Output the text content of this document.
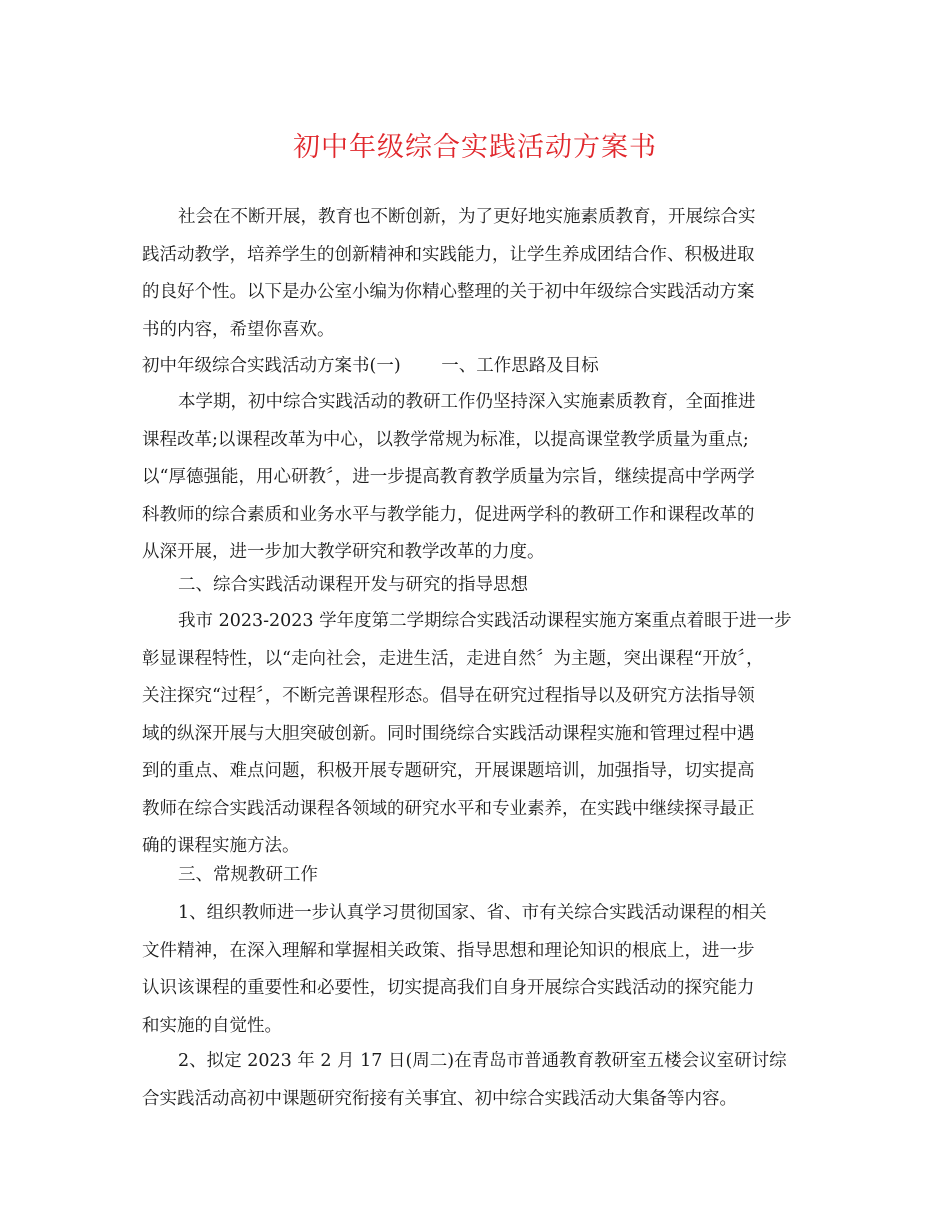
初中年级综合实践活动方案书
社会在不断开展，教育也不断创新，为了更好地实施素质教育，开展综合实
践活动教学，培养学生的创新精神和实践能力，让学生养成团结合作、积极进取
的良好个性。以下是办公室小编为你精心整理的关于初中年级综合实践活动方案
书的内容，希望你喜欢。
初中年级综合实践活动方案书(一)　　 一、工作思路及目标
本学期，初中综合实践活动的教研工作仍坚持深入实施素质教育，全面推进
课程改革;以课程改革为中心，以教学常规为标准，以提高课堂教学质量为重点;
以“厚德强能，用心研教〞，进一步提高教育教学质量为宗旨，继续提高中学两学
科教师的综合素质和业务水平与教学能力，促进两学科的教研工作和课程改革的
从深开展，进一步加大教学研究和教学改革的力度。
二、综合实践活动课程开发与研究的指导思想
我市 2023-2023 学年度第二学期综合实践活动课程实施方案重点着眼于进一步
彰显课程特性，以“走向社会，走进生活，走进自然〞为主题，突出课程“开放〞，
关注探究“过程〞，不断完善课程形态。倡导在研究过程指导以及研究方法指导领
域的纵深开展与大胆突破创新。同时围绕综合实践活动课程实施和管理过程中遇
到的重点、难点问题，积极开展专题研究，开展课题培训，加强指导，切实提高
教师在综合实践活动课程各领域的研究水平和专业素养，在实践中继续探寻最正
确的课程实施方法。
三、常规教研工作
1、组织教师进一步认真学习贯彻国家、省、市有关综合实践活动课程的相关
文件精神，在深入理解和掌握相关政策、指导思想和理论知识的根底上，进一步
认识该课程的重要性和必要性，切实提高我们自身开展综合实践活动的探究能力
和实施的自觉性。
2、拟定 2023 年 2 月 17 日(周二)在青岛市普通教育教研室五楼会议室研讨综
合实践活动高初中课题研究衔接有关事宜、初中综合实践活动大集备等内容。
